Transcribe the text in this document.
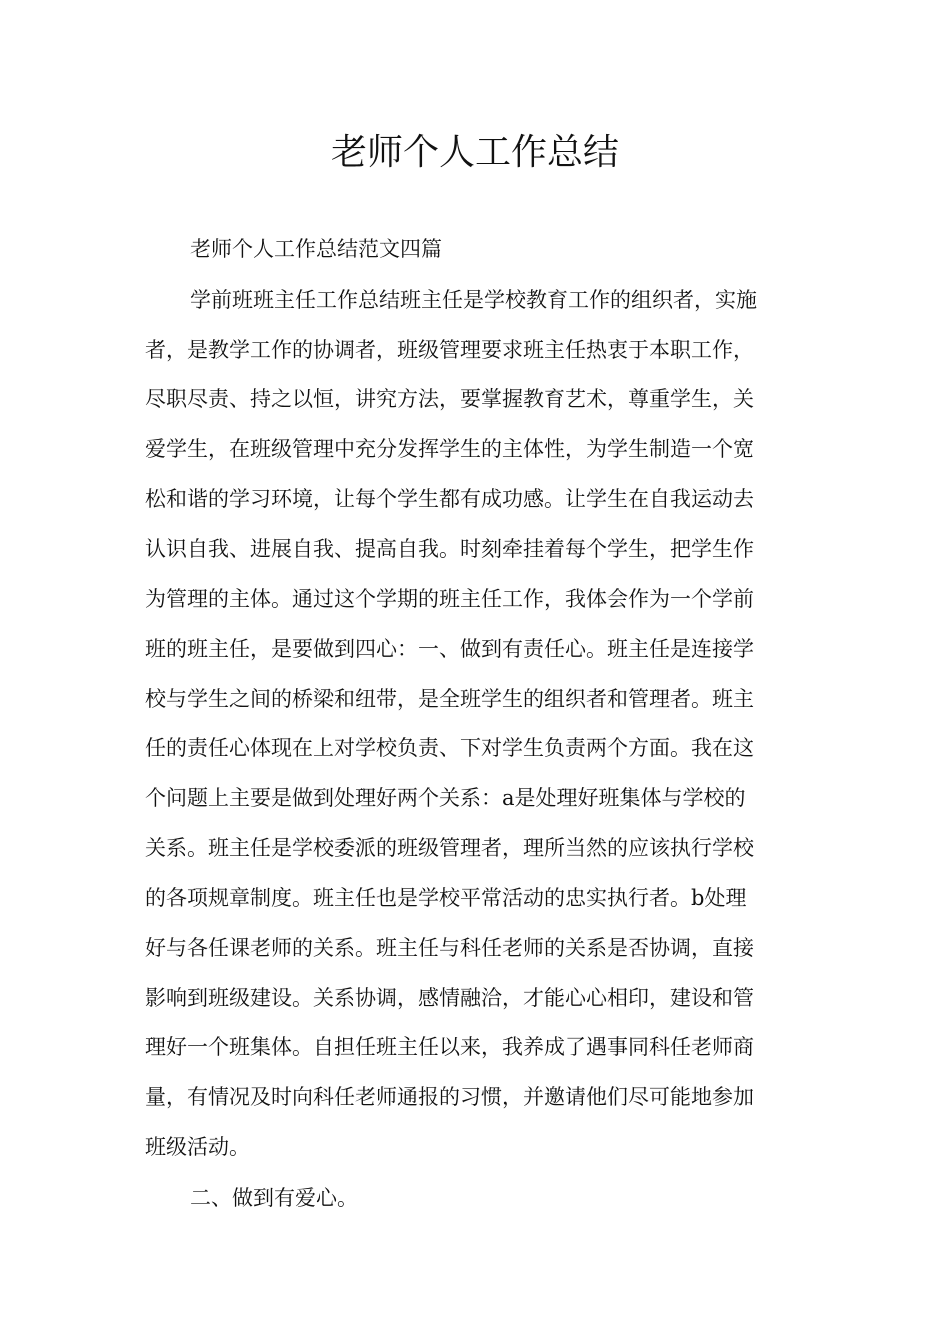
老师个人工作总结

老师个人工作总结范文四篇

学前班班主任工作总结班主任是学校教育工作的组织者，实施

者，是教学工作的协调者，班级管理要求班主任热衷于本职工作，

尽职尽责、持之以恒，讲究方法，要掌握教育艺术，尊重学生，关

爱学生，在班级管理中充分发挥学生的主体性，为学生制造一个宽

松和谐的学习环境，让每个学生都有成功感。让学生在自我运动去

认识自我、进展自我、提高自我。时刻牵挂着每个学生，把学生作

为管理的主体。通过这个学期的班主任工作，我体会作为一个学前

班的班主任，是要做到四心：一、做到有责任心。班主任是连接学

校与学生之间的桥梁和纽带，是全班学生的组织者和管理者。班主

任的责任心体现在上对学校负责、下对学生负责两个方面。我在这

个问题上主要是做到处理好两个关系：a是处理好班集体与学校的

关系。班主任是学校委派的班级管理者，理所当然的应该执行学校

的各项规章制度。班主任也是学校平常活动的忠实执行者。b处理

好与各任课老师的关系。班主任与科任老师的关系是否协调，直接

影响到班级建设。关系协调，感情融洽，才能心心相印，建设和管

理好一个班集体。自担任班主任以来，我养成了遇事同科任老师商

量，有情况及时向科任老师通报的习惯，并邀请他们尽可能地参加

班级活动。

二、做到有爱心。
